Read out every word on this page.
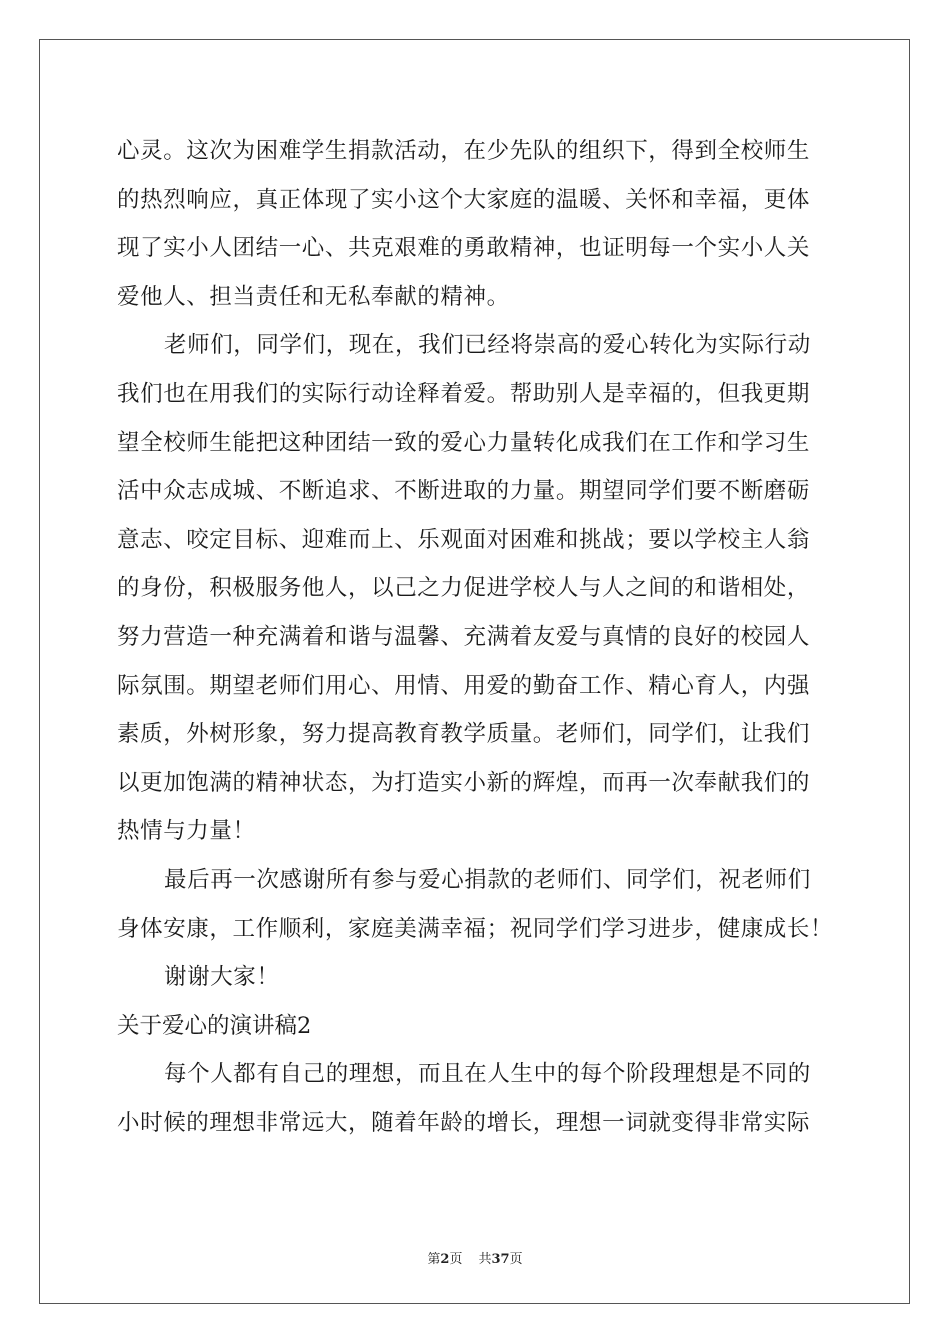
心灵。这次为困难学生捐款活动，在少先队的组织下，得到全校师生
的热烈响应，真正体现了实小这个大家庭的温暖、关怀和幸福，更体
现了实小人团结一心、共克艰难的勇敢精神，也证明每一个实小人关
爱他人、担当责任和无私奉献的精神。
老师们，同学们，现在，我们已经将崇高的爱心转化为实际行动
我们也在用我们的实际行动诠释着爱。帮助别人是幸福的，但我更期
望全校师生能把这种团结一致的爱心力量转化成我们在工作和学习生
活中众志成城、不断追求、不断进取的力量。期望同学们要不断磨砺
意志、咬定目标、迎难而上、乐观面对困难和挑战；要以学校主人翁
的身份，积极服务他人，以己之力促进学校人与人之间的和谐相处，
努力营造一种充满着和谐与温馨、充满着友爱与真情的良好的校园人
际氛围。期望老师们用心、用情、用爱的勤奋工作、精心育人，内强
素质，外树形象，努力提高教育教学质量。老师们，同学们，让我们
以更加饱满的精神状态，为打造实小新的辉煌，而再一次奉献我们的
热情与力量！
最后再一次感谢所有参与爱心捐款的老师们、同学们，祝老师们
身体安康，工作顺利，家庭美满幸福；祝同学们学习进步，健康成长！
谢谢大家！
关于爱心的演讲稿2
每个人都有自己的理想，而且在人生中的每个阶段理想是不同的
小时候的理想非常远大，随着年龄的增长，理想一词就变得非常实际
第2页 共37页
